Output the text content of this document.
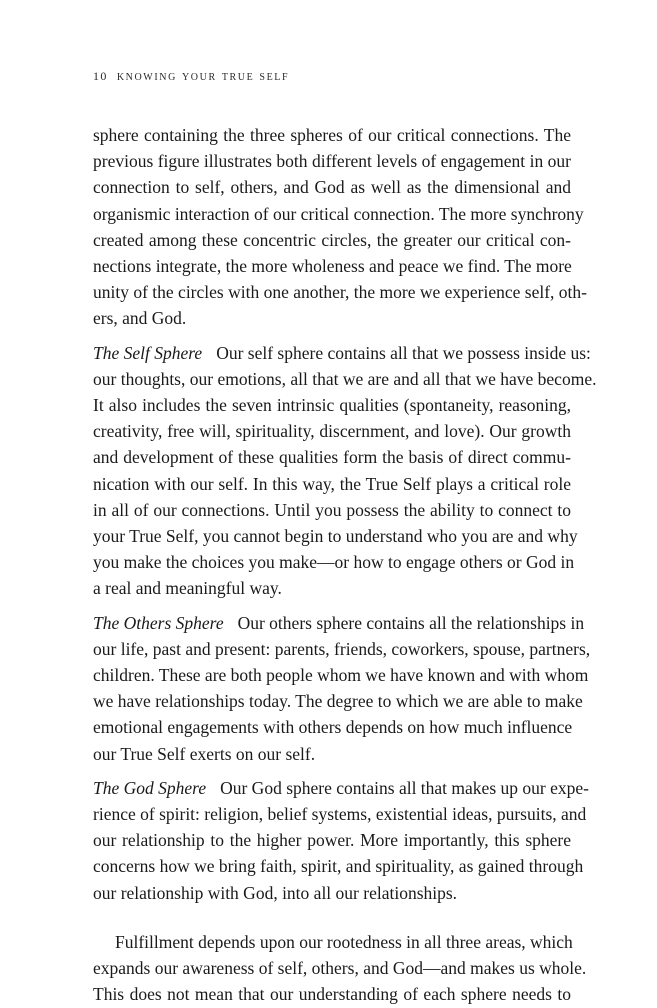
10 knowing your true self

sphere containing the three spheres of our critical connections. The
previous figure illustrates both different levels of engagement in our
connection to self, others, and God as well as the dimensional and
organismic interaction of our critical connection. The more synchrony
created among these concentric circles, the greater our critical con-
nections integrate, the more wholeness and peace we find. The more
unity of the circles with one another, the more we experience self, oth-
ers, and God.

The Self Sphere Our self sphere contains all that we possess inside us:
our thoughts, our emotions, all that we are and all that we have become.
It also includes the seven intrinsic qualities (spontaneity, reasoning,
creativity, free will, spirituality, discernment, and love). Our growth
and development of these qualities form the basis of direct commu-
nication with our self. In this way, the True Self plays a critical role
in all of our connections. Until you possess the ability to connect to
your True Self, you cannot begin to understand who you are and why
you make the choices you make—or how to engage others or God in
a real and meaningful way.

The Others Sphere Our others sphere contains all the relationships in
our life, past and present: parents, friends, coworkers, spouse, partners,
children. These are both people whom we have known and with whom
we have relationships today. The degree to which we are able to make
emotional engagements with others depends on how much influence
our True Self exerts on our self.

The God Sphere Our God sphere contains all that makes up our expe-
rience of spirit: religion, belief systems, existential ideas, pursuits, and
our relationship to the higher power. More importantly, this sphere
concerns how we bring faith, spirit, and spirituality, as gained through
our relationship with God, into all our relationships.

Fulfillment depends upon our rootedness in all three areas, which
expands our awareness of self, others, and God—and makes us whole.
This does not mean that our understanding of each sphere needs to
